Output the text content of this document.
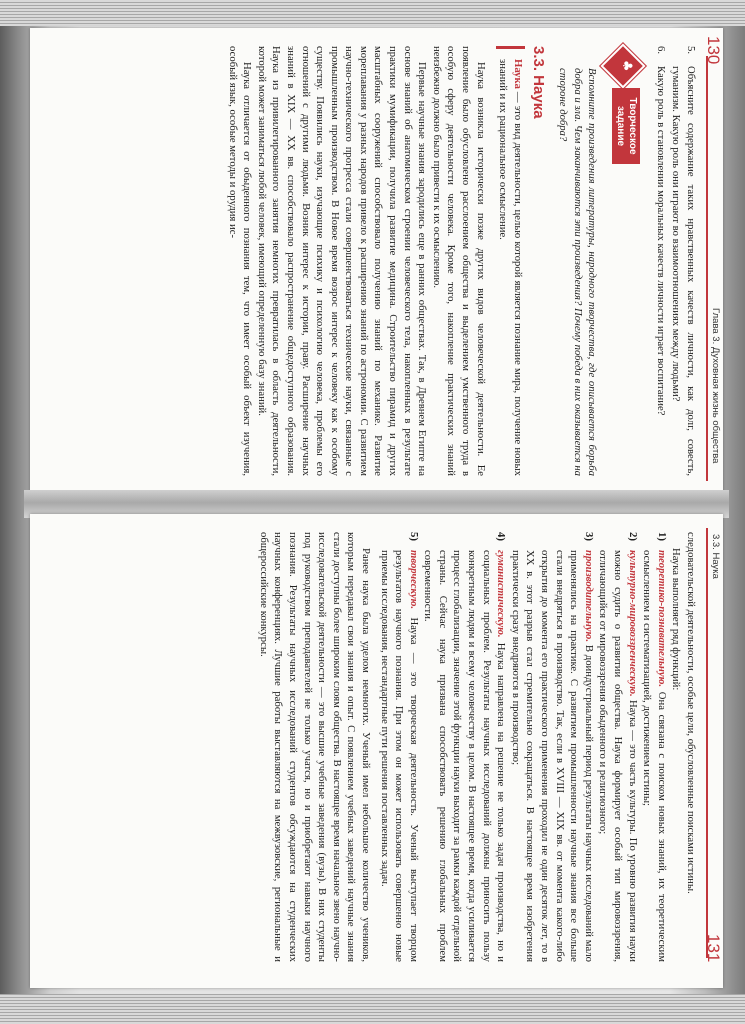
130
Глава 3. Духовная жизнь общества
5.
Объясните содержание таких нравственных качеств личности, как долг, совесть, гуманизм. Какую роль они играют во взаимоотношениях между людьми?
6.
Какую роль в становлении моральных качеств личности играет воспитание?
♣
Творческое задание

Вспомните произведения литературы, народного творчества, где описывается борьба добра и зла. Чем заканчиваются эти произведения? Почему победа в них оказывается на стороне добра?

3.3. Наука

Наука — это вид деятельности, целью которой является познание мира, получение новых знаний и их рациональное осмысление.

Наука возникла исторически позже других видов человеческой деятельности. Ее появление было обусловлено расслоением общества и выделением умственного труда в особую сферу деятельности человека. Кроме того, накопление практических знаний неизбежно должно было привести к их осмыслению.

Первые научные знания зародились еще в ранних обществах. Так, в Древнем Египте на основе знаний об анатомическом строении человеческого тела, накопленных в результате практики мумификации, получила развитие медицина. Строительство пирамид и других масштабных сооружений способствовало получению знаний по механике. Развитие мореплавания у разных народов привело к расширению знаний по астрономии. С развитием научно-технического прогресса стали совершенствоваться технические науки, связанные с промышленным производством. В Новое время возрос интерес к человеку как к особому существу. Появились науки, изучающие психику и психологию человека, проблемы его отношений с другими людьми. Возник интерес к истории, праву. Расширение научных знаний в XIX — XX вв. способствовало распространение общедоступного образования. Наука из привилегированного занятия немногих превратилась в область деятельности, которой может заниматься любой человек, имеющий определенную базу знаний.

Наука отличается от обыденного познания тем, что имеет особый объект изучения, особый язык, особые методы и орудия ис-

3.3. Наука
131

следовательской деятельности, особые цели, обусловленные поисками истины.

Наука выполняет ряд функций:

1)
теоретико-познавательную. Она связана с поиском новых знаний, их теоретическим осмыслением и систематизацией, достижением истины;
2)
культурно-мировоззренческую. Наука — это часть культуры. По уровню развития науки можно судить о развитии общества. Наука формирует особый тип мировоззрения, отличающийся от мировоззрения обыденного и религиозного;
3)
производительную. В доиндустриальный период результаты научных исследований мало применялись на практике. С развитием промышленности научные знания все больше стали внедряться в производство. Так, если в XVIII — XIX вв. от момента какого-либо открытия до момента его практического применения проходил не один десяток лет, то в XX в. этот разрыв стал стремительно сокращаться. В настоящее время изобретения практически сразу внедряются в производство;
4)
гуманистическую. Наука направлена на решение не только задач производства, но и социальных проблем. Результаты научных исследований должны приносить пользу конкретным людям и всему человечеству в целом. В настоящее время, когда усиливается процесс глобализации, значение этой функции науки выходит за рамки каждой отдельной страны. Сейчас наука призвана способствовать решению глобальных проблем современности.
5)
творческую. Наука — это творческая деятельность. Ученый выступает творцом результатов научного познания. При этом он может использовать совершенно новые приемы исследования, нестандартные пути решения поставленных задач.

Ранее наука была уделом немногих. Ученый имел небольшое количество учеников, которым передавал свои знания и опыт. С появлением учебных заведений научные знания стали доступны более широким слоям общества. В настоящее время начальное звено научно-исследовательской деятельности — это высшие учебные заведения (вузы). В них студенты под руководством преподавателей не только учатся, но и приобретают навыки научного познания. Результаты научных исследований студентов обсуждаются на студенческих научных конференциях. Лучшие работы выставляются на межвузовские, региональные и общероссийские конкурсы.
